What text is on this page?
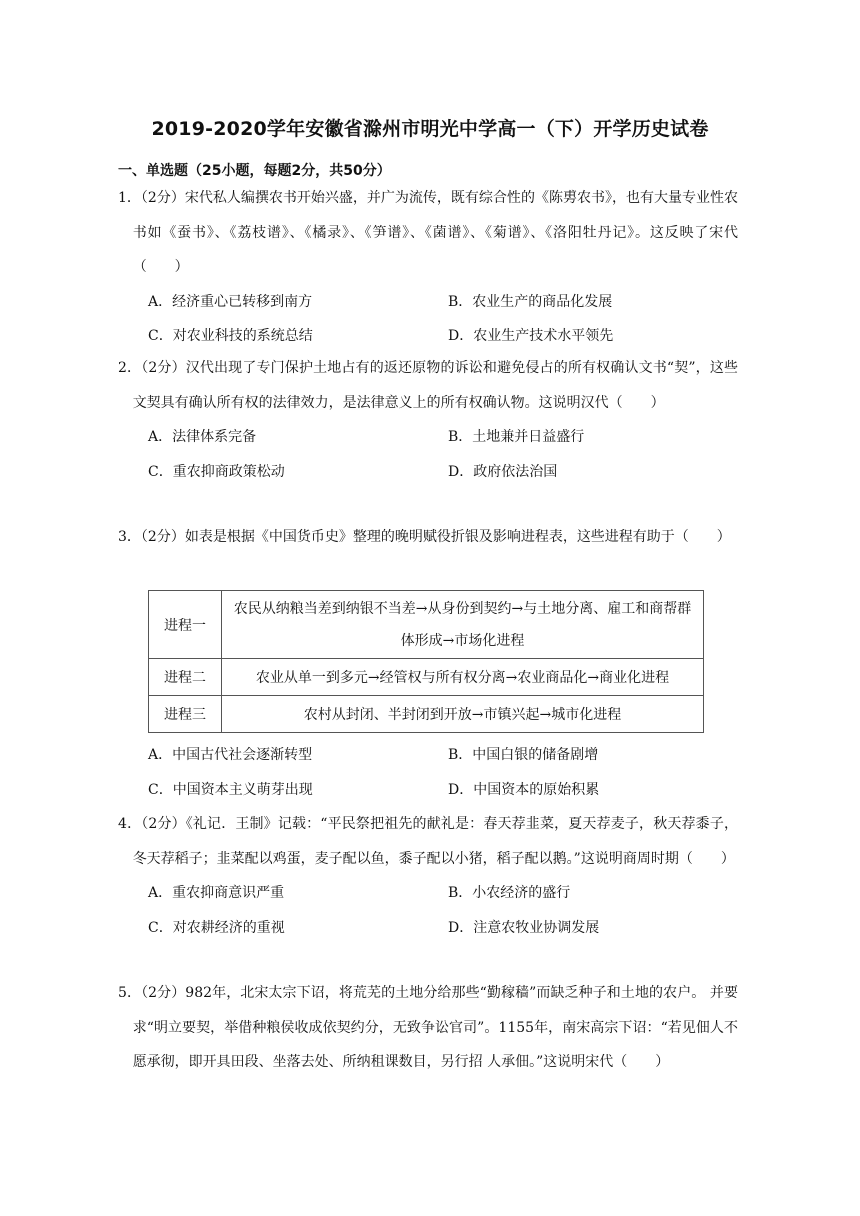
2019-2020学年安徽省滁州市明光中学高一（下）开学历史试卷
一、单选题（25小题，每题2分，共50分）
1．（2分）宋代私人编撰农书开始兴盛，并广为流传，既有综合性的《陈旉农书》，也有大量专业性农书如《蚕书》、《荔枝谱》、《橘录》、《笋谱》、《菌谱》、《菊谱》、《洛阳牡丹记》。这反映了宋代（　　）
A．经济重心已转移到南方	B．农业生产的商品化发展
C．对农业科技的系统总结	D．农业生产技术水平领先
2．（2分）汉代出现了专门保护土地占有的返还原物的诉讼和避免侵占的所有权确认文书“契”，这些文契具有确认所有权的法律效力，是法律意义上的所有权确认物。这说明汉代（　　）
A．法律体系完备	B．土地兼并日益盛行
C．重农抑商政策松动	D．政府依法治国
3．（2分）如表是根据《中国货币史》整理的晚明赋役折银及影响进程表，这些进程有助于（　　）
进程一	农民从纳粮当差到纳银不当差→从身份到契约→与土地分离、雇工和商帮群体形成→市场化进程
进程二	农业从单一到多元→经管权与所有权分离→农业商品化→商业化进程
进程三	农村从封闭、半封闭到开放→市镇兴起→城市化进程
A．中国古代社会逐渐转型	B．中国白银的储备剧增
C．中国资本主义萌芽出现	D．中国资本的原始积累
4．（2分）《礼记．王制》记载：“平民祭把祖先的献礼是：春天荐韭菜，夏天荐麦子，秋天荐黍子，冬天荐稻子；韭菜配以鸡蛋，麦子配以鱼，黍子配以小猪，稻子配以鹅。”这说明商周时期（　　）
A．重农抑商意识严重	B．小农经济的盛行
C．对农耕经济的重视	D．注意农牧业协调发展
5．（2分）982年，北宋太宗下诏，将荒芜的土地分给那些“勤稼穑”而缺乏种子和土地的农户。 并要求“明立要契，举借种粮侯收成依契约分，无致争讼官司”。1155年，南宋高宗下诏：“若见佃人不愿承彻，即开具田段、坐落去处、所纳租课数目，另行招 人承佃。”这说明宋代（　　）
